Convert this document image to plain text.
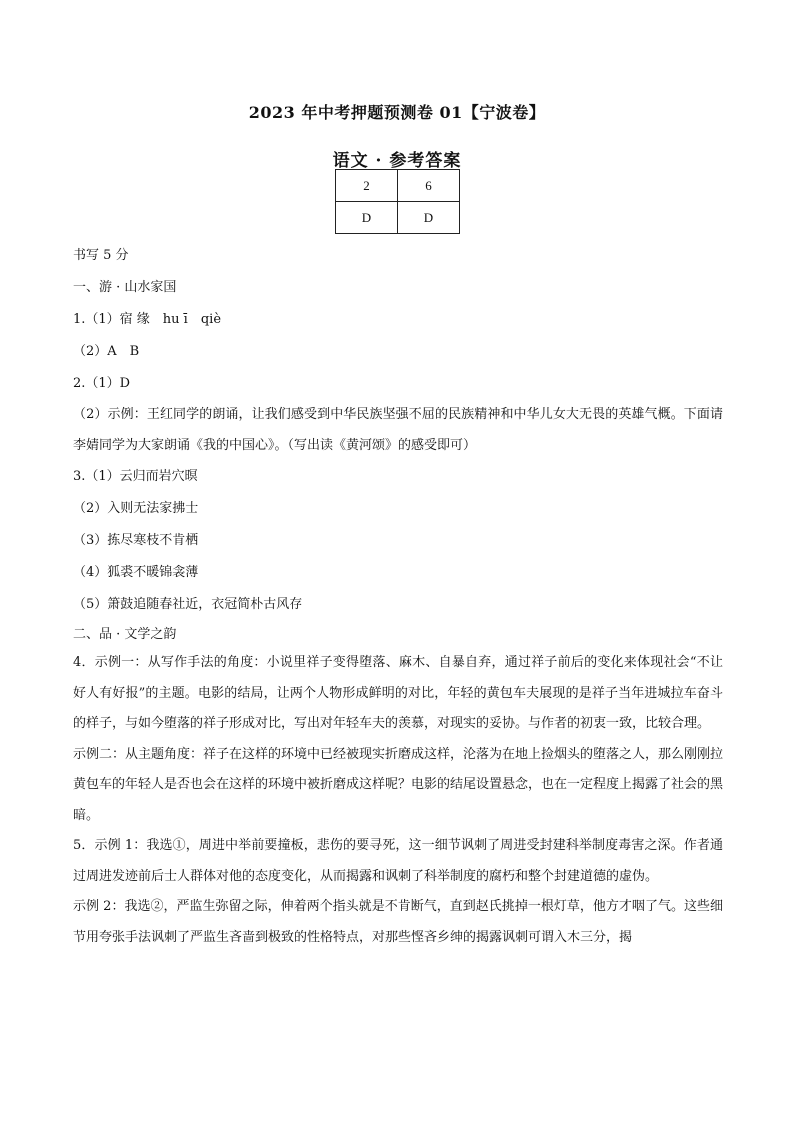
2023 年中考押题预测卷 01【宁波卷】
语文 · 参考答案
2	6
D	D

书写 5 分

一、游 · 山水家国

1.（1）宿 缘　hu ī　qiè

（2）A　B

2.（1）D

（2）示例：王红同学的朗诵，让我们感受到中华民族坚强不屈的民族精神和中华儿女大无畏的英雄气概。下面请李婧同学为大家朗诵《我的中国心》。（写出读《黄河颂》的感受即可）

3.（1）云归而岩穴暝

（2）入则无法家拂士

（3）拣尽寒枝不肯栖

（4）狐裘不暖锦衾薄

（5）箫鼓追随春社近，衣冠简朴古风存

二、品 · 文学之韵

4．示例一：从写作手法的角度：小说里祥子变得堕落、麻木、自暴自弃，通过祥子前后的变化来体现社会“不让好人有好报”的主题。电影的结局，让两个人物形成鲜明的对比，年轻的黄包车夫展现的是祥子当年进城拉车奋斗的样子，与如今堕落的祥子形成对比，写出对年轻车夫的羡慕，对现实的妥协。与作者的初衷一致，比较合理。

示例二：从主题角度：祥子在这样的环境中已经被现实折磨成这样，沦落为在地上捡烟头的堕落之人，那么刚刚拉黄包车的年轻人是否也会在这样的环境中被折磨成这样呢？电影的结尾设置悬念，也在一定程度上揭露了社会的黑暗。

5．示例 1：我选①，周进中举前要撞板，悲伤的要寻死，这一细节讽刺了周进受封建科举制度毒害之深。作者通过周进发迹前后士人群体对他的态度变化，从而揭露和讽刺了科举制度的腐朽和整个封建道德的虚伪。

示例 2：我选②，严监生弥留之际，伸着两个指头就是不肯断气，直到赵氏挑掉一根灯草，他方才咽了气。这些细节用夸张手法讽刺了严监生吝啬到极致的性格特点，对那些悭吝乡绅的揭露讽刺可谓入木三分，揭
